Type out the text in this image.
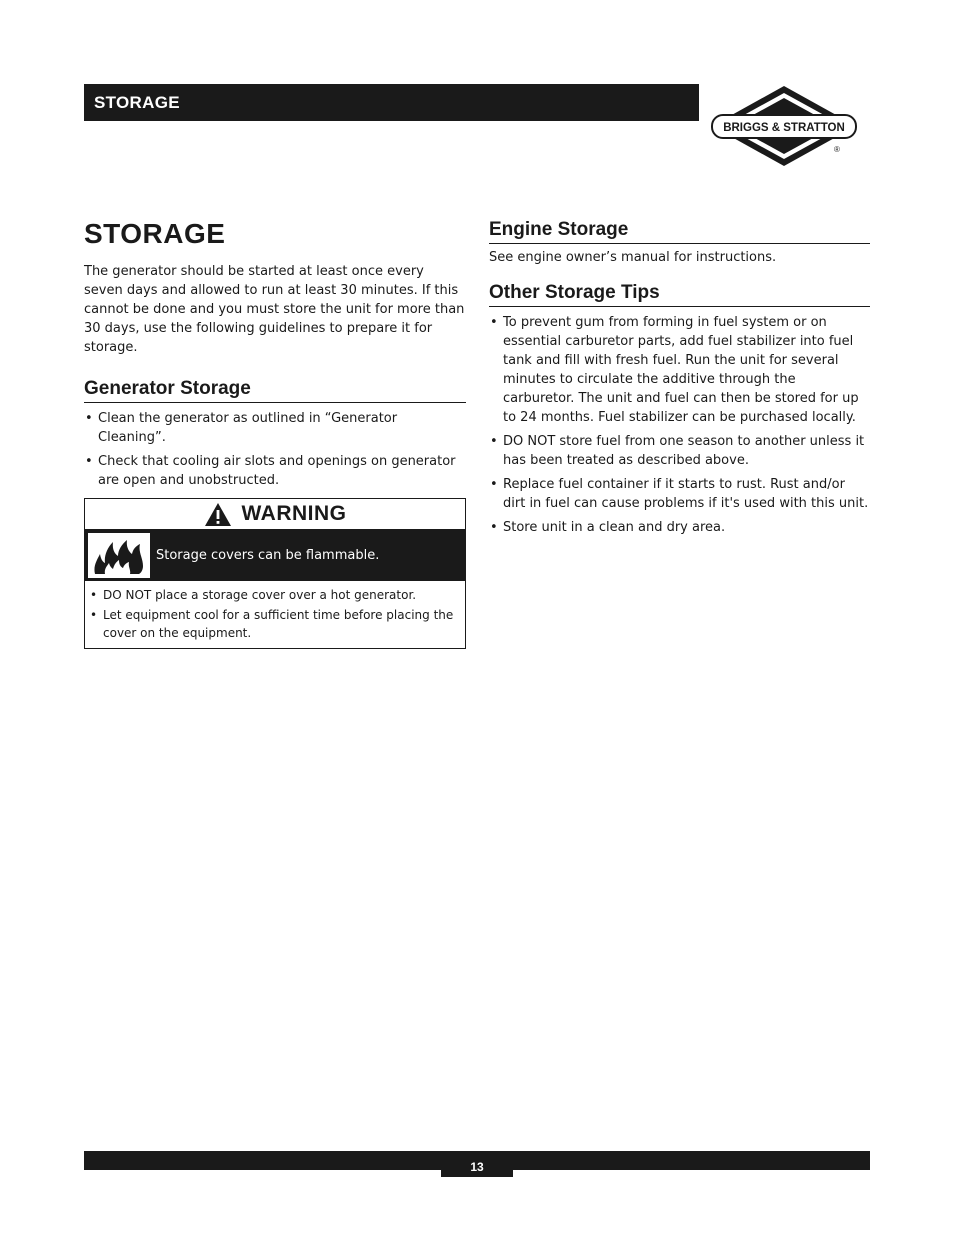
STORAGE
BRIGGS & STRATTON
®
STORAGE

The generator should be started at least once every seven days and allowed to run at least 30 minutes. If this cannot be done and you must store the unit for more than 30 days, use the following guidelines to prepare it for storage.

Generator Storage
• Clean the generator as outlined in “Generator Cleaning”.
• Check that cooling air slots and openings on generator are open and unobstructed.
WARNING
Storage covers can be flammable.
• DO NOT place a storage cover over a hot generator.
• Let equipment cool for a sufficient time before placing the cover on the equipment.
Engine Storage

See engine owner’s manual for instructions.

Other Storage Tips
• To prevent gum from forming in fuel system or on essential carburetor parts, add fuel stabilizer into fuel tank and fill with fresh fuel. Run the unit for several minutes to circulate the additive through the carburetor. The unit and fuel can then be stored for up to 24 months. Fuel stabilizer can be purchased locally.
• DO NOT store fuel from one season to another unless it has been treated as described above.
• Replace fuel container if it starts to rust. Rust and/or dirt in fuel can cause problems if it's used with this unit.
• Store unit in a clean and dry area.
13
